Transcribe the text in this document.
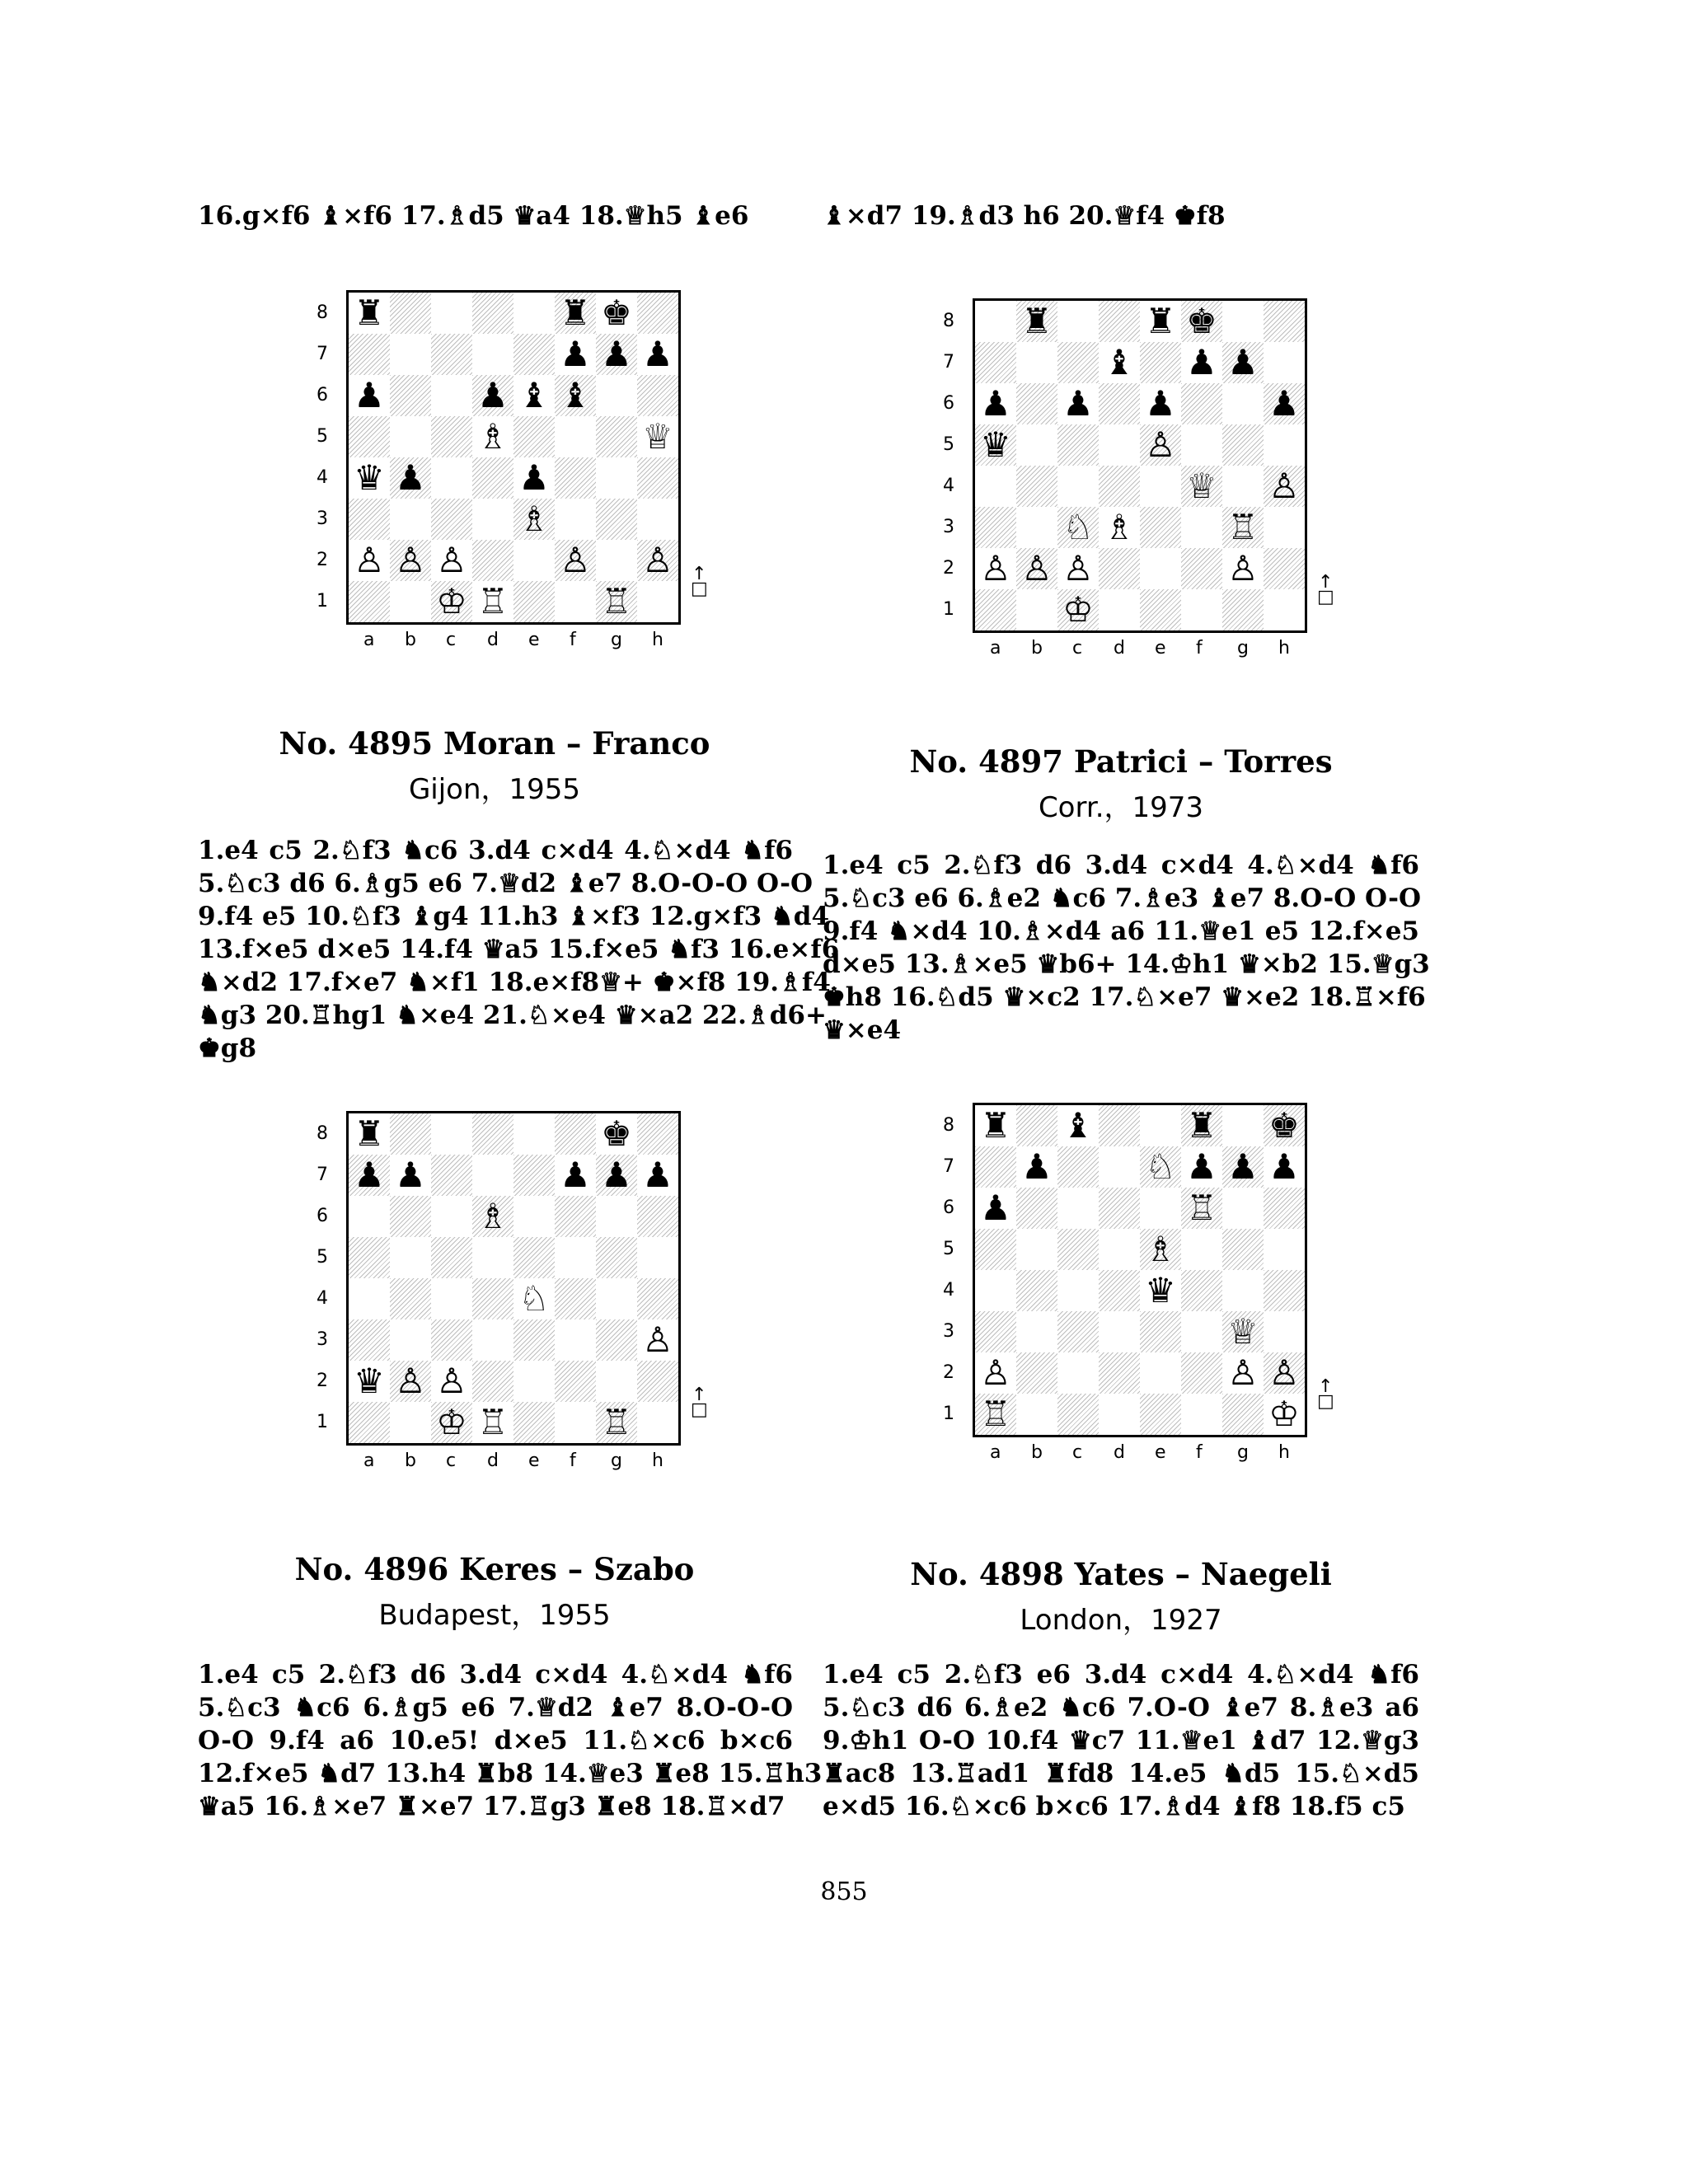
16.g×f6 ♝×f6 17.♗d5 ♛a4 18.♕h5 ♝e6	♝×d7 19.♗d3 h6 20.♕f4 ♚f8
♜	♜ ♚
♟ ♟ ♟
♟	♟ ♝ ♝
♗	♕
♛ ♟	♟
♗
♙ ♙ ♙	♙ ♙
♔ ♖	♖
8
7
6
5
4
3
2
1
a b c d e f g h
↑
□
No. 4895 Moran – Franco
Gijon，1955
1.e4 c5 2.♘f3 ♞c6 3.d4 c×d4 4.♘×d4 ♞f6
5.♘c3 d6 6.♗g5 e6 7.♕d2 ♝e7 8.O-O-O O-O
9.f4 e5 10.♘f3 ♝g4 11.h3 ♝×f3 12.g×f3 ♞d4
13.f×e5 d×e5 14.f4 ♛a5 15.f×e5 ♞f3 16.e×f6
♞×d2 17.f×e7 ♞×f1 18.e×f8♕+ ♚×f8 19.♗f4
♞g3 20.♖hg1 ♞×e4 21.♘×e4 ♛×a2 22.♗d6+
♚g8
♜	♜ ♚
♝ ♟ ♟
♟ ♟ ♟	♟
♛	♙
♕ ♙
♘ ♗	♖
♙ ♙ ♙	♙
♔
8
7
6
5
4
3
2
1
a b c d e f g h
↑
□
No. 4897 Patrici – Torres
Corr.，1973
1.e4 c5 2.♘f3 d6 3.d4 c×d4 4.♘×d4 ♞f6
5.♘c3 e6 6.♗e2 ♞c6 7.♗e3 ♝e7 8.O-O O-O
9.f4 ♞×d4 10.♗×d4 a6 11.♕e1 e5 12.f×e5
d×e5 13.♗×e5 ♛b6+ 14.♔h1 ♛×b2 15.♕g3
♚h8 16.♘d5 ♛×c2 17.♘×e7 ♛×e2 18.♖×f6
♛×e4
♜	♚
♟ ♟	♟ ♟ ♟
♗
♘
♙
♛ ♙ ♙
♔ ♖	♖
8
7
6
5
4
3
2
1
a b c d e f g h
↑
□
No. 4896 Keres – Szabo
Budapest，1955
1.e4 c5 2.♘f3 d6 3.d4 c×d4 4.♘×d4 ♞f6
5.♘c3 ♞c6 6.♗g5 e6 7.♕d2 ♝e7 8.O-O-O
O-O 9.f4 a6 10.e5! d×e5 11.♘×c6 b×c6
12.f×e5 ♞d7 13.h4 ♜b8 14.♕e3 ♜e8 15.♖h3
♛a5 16.♗×e7 ♜×e7 17.♖g3 ♜e8 18.♖×d7
♜ ♝	♜ ♚
♟	♘ ♟ ♟ ♟
♟	♖
♗
♛
♕
♙	♙ ♙
♖	♔
8
7
6
5
4
3
2
1
a b c d e f g h
↑
□
No. 4898 Yates – Naegeli
London，1927
1.e4 c5 2.♘f3 e6 3.d4 c×d4 4.♘×d4 ♞f6
5.♘c3 d6 6.♗e2 ♞c6 7.O-O ♝e7 8.♗e3 a6
9.♔h1 O-O 10.f4 ♛c7 11.♕e1 ♝d7 12.♕g3
♜ac8 13.♖ad1 ♜fd8 14.e5 ♞d5 15.♘×d5
e×d5 16.♘×c6 b×c6 17.♗d4 ♝f8 18.f5 c5
855
